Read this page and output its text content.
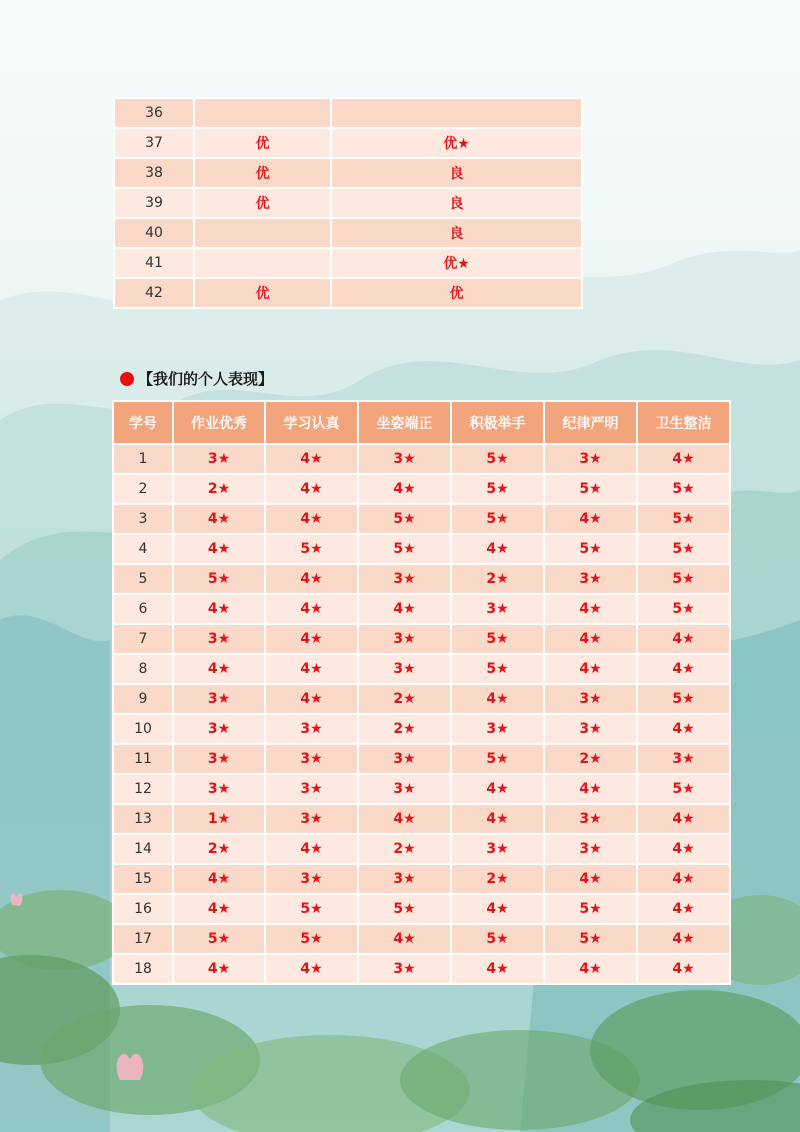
36		
37	优	优★
38	优	良
39	优	良
40		良
41		优★
42	优	优
【我们的个人表现】
学号	作业优秀	学习认真	坐姿端正	积极举手	纪律严明	卫生整洁
1	3★	4★	3★	5★	3★	4★
2	2★	4★	4★	5★	5★	5★
3	4★	4★	5★	5★	4★	5★
4	4★	5★	5★	4★	5★	5★
5	5★	4★	3★	2★	3★	5★
6	4★	4★	4★	3★	4★	5★
7	3★	4★	3★	5★	4★	4★
8	4★	4★	3★	5★	4★	4★
9	3★	4★	2★	4★	3★	5★
10	3★	3★	2★	3★	3★	4★
11	3★	3★	3★	5★	2★	3★
12	3★	3★	3★	4★	4★	5★
13	1★	3★	4★	4★	3★	4★
14	2★	4★	2★	3★	3★	4★
15	4★	3★	3★	2★	4★	4★
16	4★	5★	5★	4★	5★	4★
17	5★	5★	4★	5★	5★	4★
18	4★	4★	3★	4★	4★	4★
